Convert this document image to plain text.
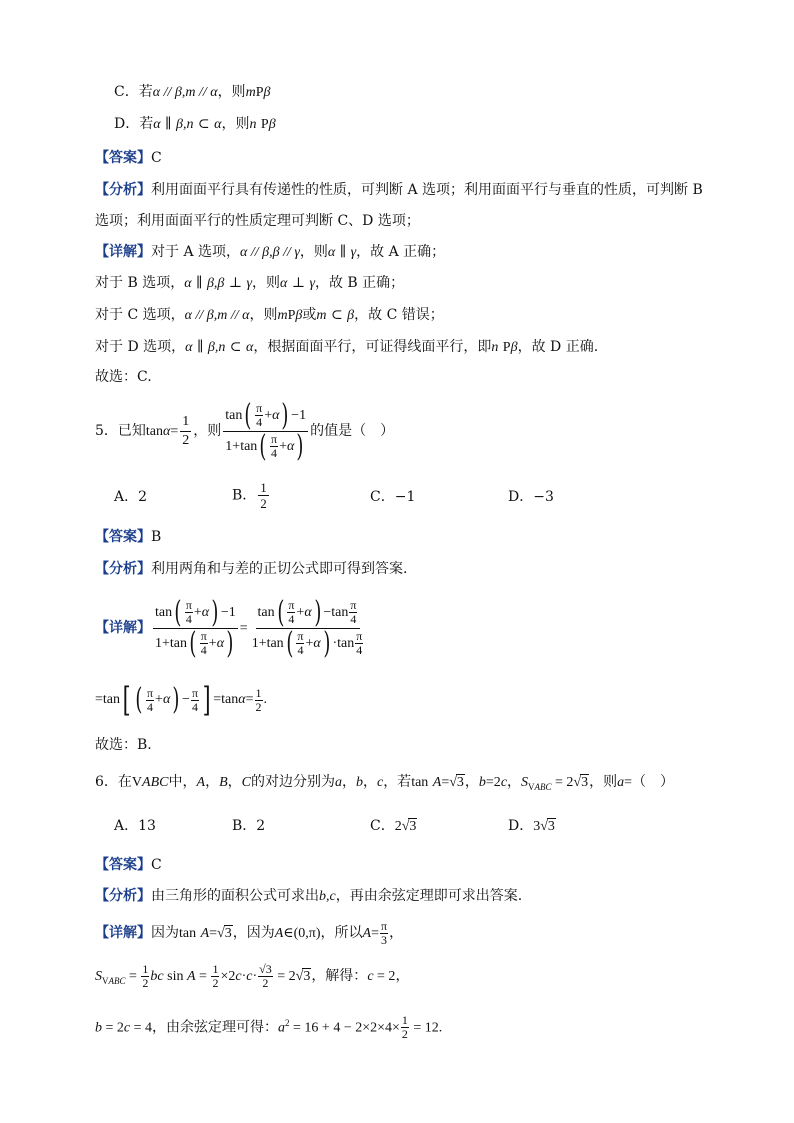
C．若α // β,m // α，则mPβ
D．若α ∥ β,n ⊂ α，则n Pβ
【答案】C
【分析】利用面面平行具有传递性的性质，可判断 A 选项；利用面面平行与垂直的性质，可判断 B
选项；利用面面平行的性质定理可判断 C、D 选项；
【详解】对于 A 选项，α // β,β // γ，则α ∥ γ，故 A 正确；
对于 B 选项，α ∥ β,β ⊥ γ，则α ⊥ γ，故 B 正确；
对于 C 选项，α // β,m // α，则mPβ或m ⊂ β，故 C 错误；
对于 D 选项，α ∥ β,n ⊂ α，根据面面平行，可证得线面平行，即n Pβ，故 D 正确.
故选：C.
5．已知$\tan\alpha= \frac{1}{2}$ ，则 $\frac{\tan ( \frac{\pi}{4} + \alpha ) -1}{1+\tan ( \frac{\pi}{4} + \alpha )}$ 的值是（　）
A．2	B． $\frac{1}{2}$	C．−1	D．−3
【答案】B
【分析】利用两角和与差的正切公式即可得到答案.
【详解】 $\frac{\tan ( \frac{\pi}{4} + \alpha ) -1}{1+\tan ( \frac{\pi}{4} + \alpha )} = \frac{\tan ( \frac{\pi}{4} + \alpha ) -\tan \frac{\pi}{4}}{1+\tan ( \frac{\pi}{4} + \alpha ) \cdot\tan \frac{\pi}{4}}$
=tan [ ( $\frac{\pi}{4} + \alpha$ ) − $\frac{\pi}{4}$ ] =tan $\alpha = \frac{1}{2}$ .
故选：B.
6．在VABC中，A，B，C的对边分别为a，b，c，若tan A=√3，b=2c，$S_{VABC} = 2√3$，则a=（　）
A．13	B．2	C．2√3	D．3√3
【答案】C
【分析】由三角形的面积公式可求出b,c，再由余弦定理即可求出答案.
【详解】因为tan A=√3，因为A∈(0,π)，所以$A= \frac{\pi}{3}$ ，
$S_{VABC} = \frac{1}{2}$ bc $\sin A = \frac{1}{2} \times 2c\cdot c\cdot \frac{√3}{2} = 2√3$，解得：c = 2，
b = 2c = 4，由余弦定理可得：$a^2 = 16 + 4 - 2\times 2\times 4\times \frac{1}{2} = 12$.
